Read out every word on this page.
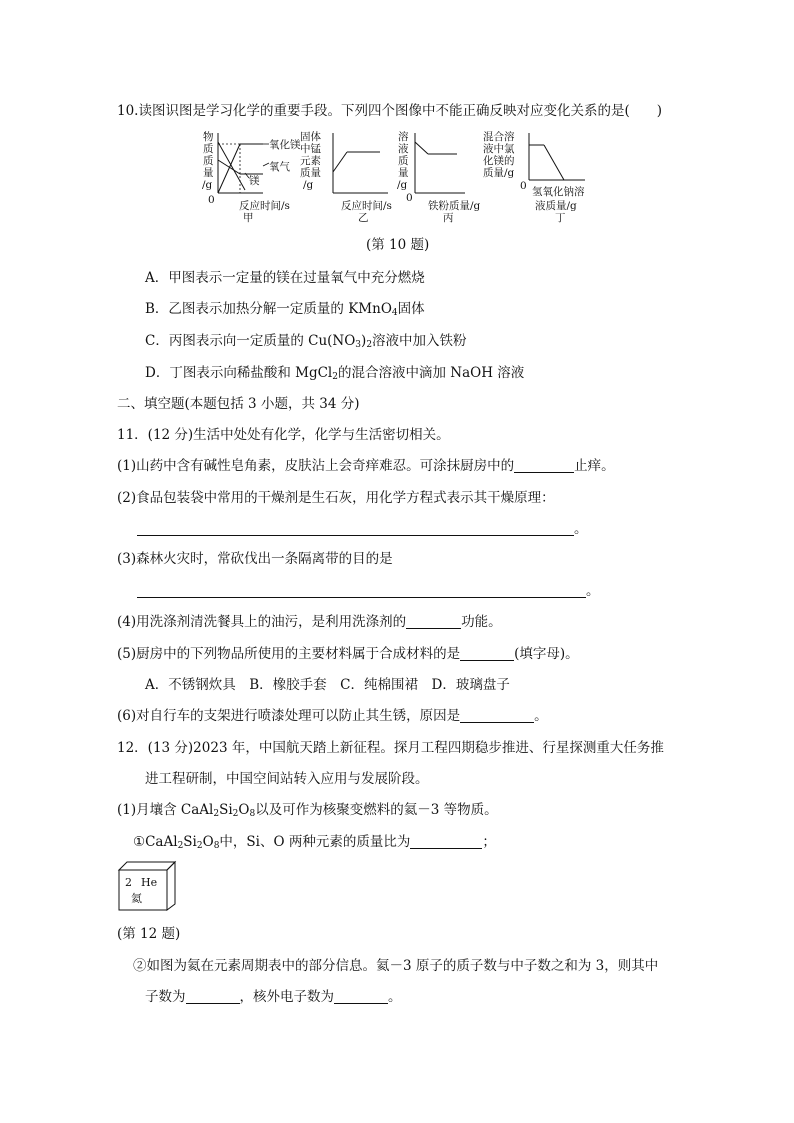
10.读图识图是学习化学的重要手段。下列四个图像中不能正确反映对应变化关系的是(　　)
物
质
质
量
/g
0
氧化镁
氧气
镁
反应时间/s
甲
固体
中锰
元素
质量
/g
反应时间/s
乙
溶
液
质
量
/g
0
铁粉质量/g
丙
混合溶
液中氯
化镁的
质量/g
0 氢氧化钠溶
液质量/g
丁
(第 10 题)
A．甲图表示一定量的镁在过量氧气中充分燃烧
B．乙图表示加热分解一定质量的 KMnO$_4$固体
C．丙图表示向一定质量的 $Cu(NO_3)_2$溶液中加入铁粉
D．丁图表示向稀盐酸和 MgCl$_2$的混合溶液中滴加 NaOH 溶液
二、填空题(本题包括 3 小题，共 34 分)
11．(12 分)生活中处处有化学，化学与生活密切相关。
(1)山药中含有碱性皂角素，皮肤沾上会奇痒难忍。可涂抹厨房中的	止痒。
(2)食品包装袋中常用的干燥剂是生石灰，用化学方程式表示其干燥原理：
。
(3)森林火灾时，常砍伐出一条隔离带的目的是
。
(4)用洗涤剂清洗餐具上的油污，是利用洗涤剂的	功能。
(5)厨房中的下列物品所使用的主要材料属于合成材料的是	(填字母)。
A．不锈钢炊具　B．橡胶手套　C．纯棉围裙　D．玻璃盘子
(6)对自行车的支架进行喷漆处理可以防止其生锈，原因是	。
12．(13 分)2023 年，中国航天踏上新征程。探月工程四期稳步推进、行星探测重大任务推
进工程研制，中国空间站转入应用与发展阶段。
(1)月壤含 $CaAl_2Si_2O_8$以及可作为核聚变燃料的氦－3 等物质。
$①CaAl_2Si_2O_8$中，Si、O 两种元素的质量比为	；
2 He
氦
(第 12 题)
②如图为氦在元素周期表中的部分信息。氦－3 原子的质子数与中子数之和为 3，则其中
子数为	，核外电子数为	。
